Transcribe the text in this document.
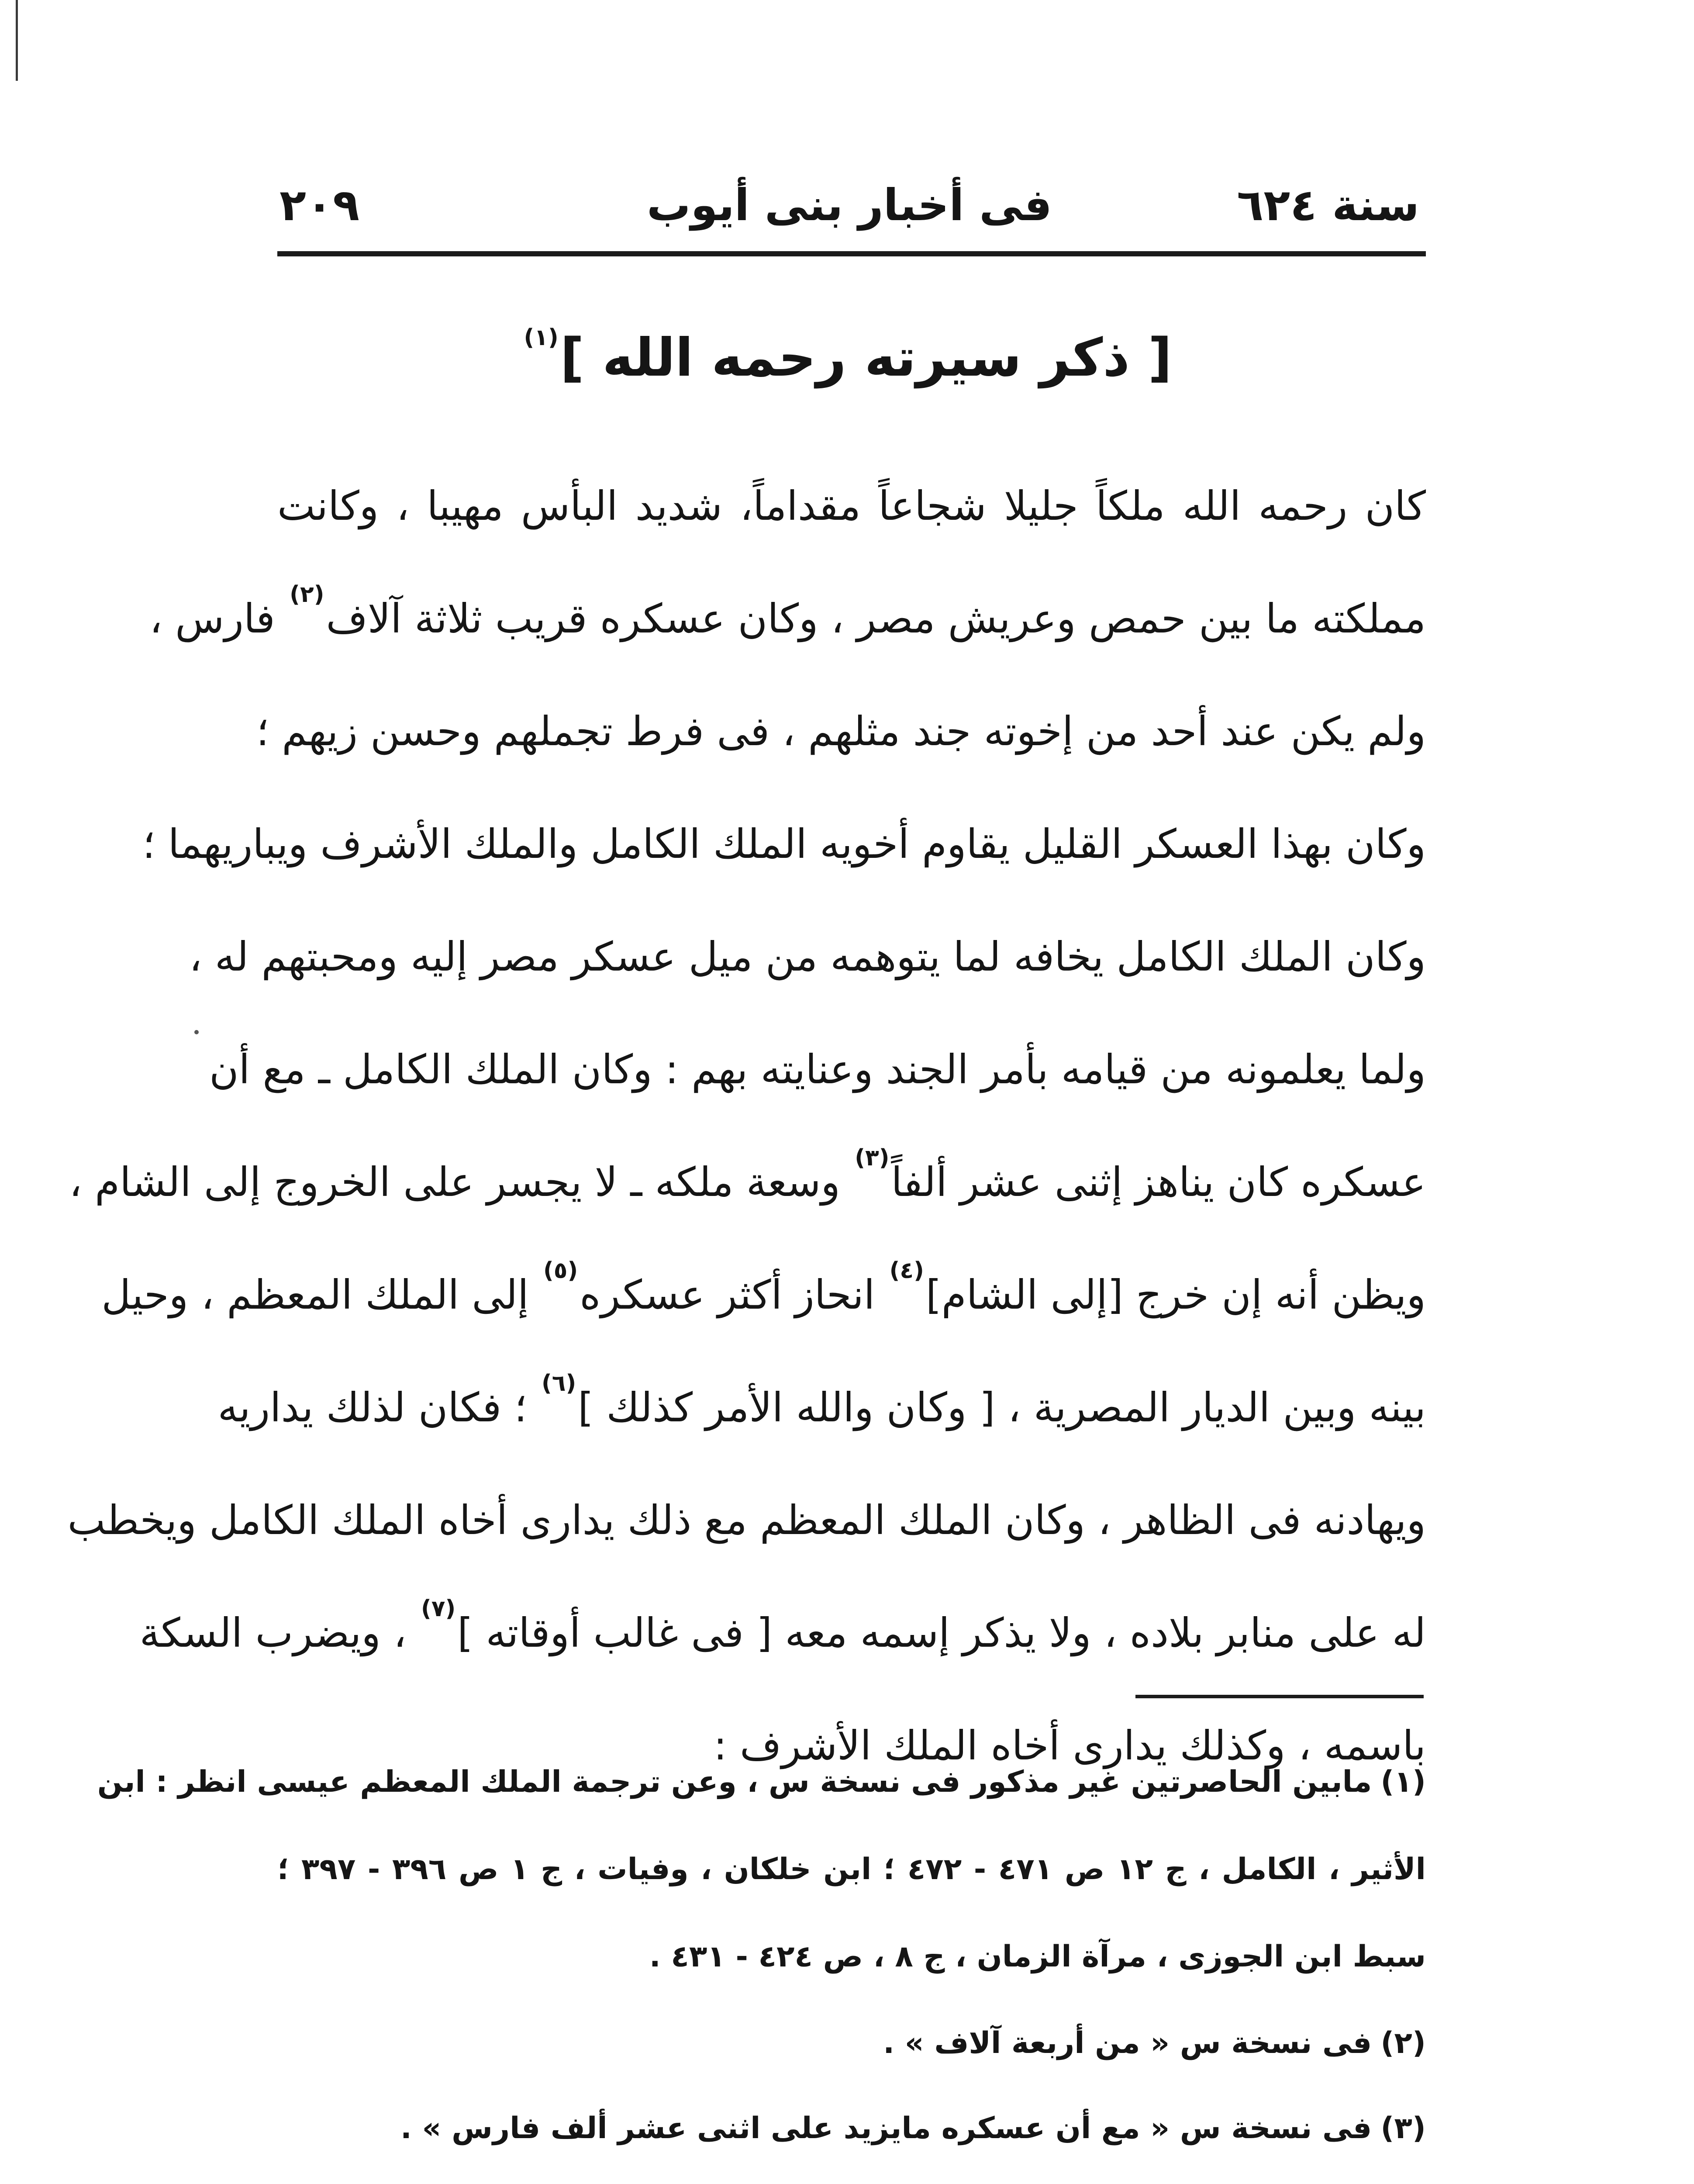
٢٠٩	فى أخبار بنى أيوب	سنة ٦٢٤
[ ذكر سيرته رحمه الله ]$^{(١)}$
كان رحمه الله ملكاً جليلا شجاعاً مقداماً، شديد البأس مهيبا ، وكانت
مملكته ما بين حمص وعريش مصر ، وكان عسكره قريب ثلاثة آلاف$^{(٢)}$ فارس ،
ولم يكن عند أحد من إخوته جند مثلهم ، فى فرط تجملهم وحسن زيهم ؛
وكان بهذا العسكر القليل يقاوم أخويه الملك الكامل والملك الأشرف ويباريهما ؛
وكان الملك الكامل يخافه لما يتوهمه من ميل عسكر مصر إليه ومحبتهم له ،
ولما يعلمونه من قيامه بأمر الجند وعنايته بهم : وكان الملك الكامل ـ مع أن
عسكره كان يناهز إثنى عشر ألفاً$^{(٣)}$ وسعة ملكه ـ لا يجسر على الخروج إلى الشام ،
ويظن أنه إن خرج [إلى الشام]$^{(٤)}$ انحاز أكثر عسكره$^{(٥)}$ إلى الملك المعظم ، وحيل
بينه وبين الديار المصرية ، [ وكان والله الأمر كذلك ]$^{(٦)}$ ؛ فكان لذلك يداريه
ويهادنه فى الظاهر ، وكان الملك المعظم مع ذلك يدارى أخاه الملك الكامل ويخطب
له على منابر بلاده ، ولا يذكر إسمه معه [ فى غالب أوقاته ]$^{(٧)}$ ، ويضرب السكة
باسمه ، وكذلك يدارى أخاه الملك الأشرف :
(١)مابين الحاصرتين غير مذكور فى نسخة س ، وعن ترجمة الملك المعظم عيسى انظر : ابن
الأثير ، الكامل ، ج ١٢ ص ٤٧١ - ٤٧٢ ؛ ابن خلكان ، وفيات ، ج ١ ص ٣٩٦ - ٣٩٧ ؛
سبط ابن الجوزى ، مرآة الزمان ، ج ٨ ، ص ٤٢٤ - ٤٣١ .
(٢)فى نسخة س « من أربعة آلاف » .
(٣)فى نسخة س « مع أن عسكره مايزيد على اثنى عشر ألف فارس » .
